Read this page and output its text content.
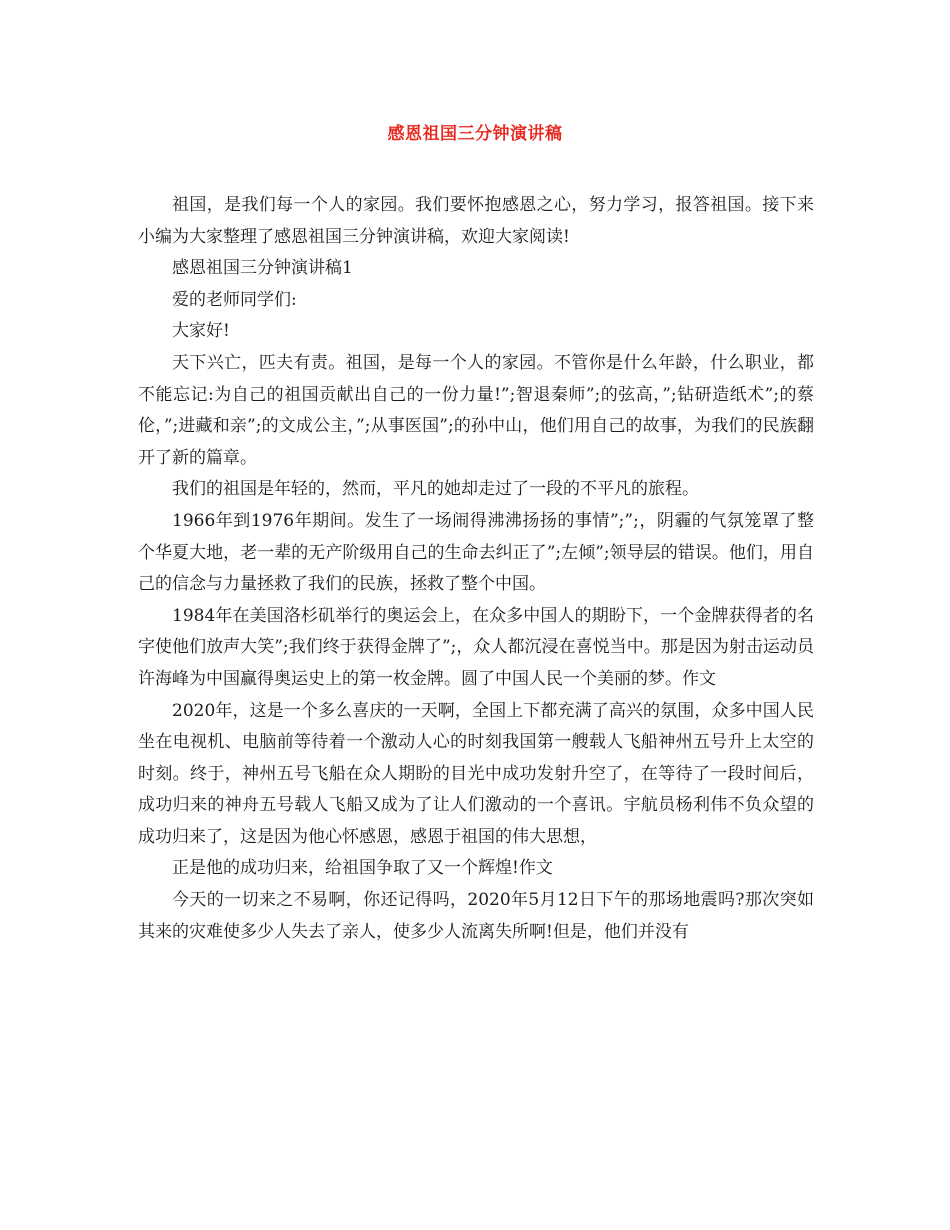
感恩祖国三分钟演讲稿

祖国，是我们每一个人的家园。我们要怀抱感恩之心，努力学习，报答祖国。接下来小编为大家整理了感恩祖国三分钟演讲稿，欢迎大家阅读!

感恩祖国三分钟演讲稿1

爱的老师同学们:

大家好!

天下兴亡，匹夫有责。祖国，是每一个人的家园。不管你是什么年龄，什么职业，都不能忘记:为自己的祖国贡献出自己的一份力量!”;智退秦师”;的弦高，”;钻研造纸术”;的蔡伦，”;进藏和亲”;的文成公主，”;从事医国”;的孙中山，他们用自己的故事，为我们的民族翻开了新的篇章。

我们的祖国是年轻的，然而，平凡的她却走过了一段的不平凡的旅程。

1966年到1976年期间。发生了一场闹得沸沸扬扬的事情”;”;，阴霾的气氛笼罩了整个华夏大地，老一辈的无产阶级用自己的生命去纠正了”;左倾”;领导层的错误。他们，用自己的信念与力量拯救了我们的民族，拯救了整个中国。

1984年在美国洛杉矶举行的奥运会上，在众多中国人的期盼下，一个金牌获得者的名字使他们放声大笑”;我们终于获得金牌了”;，众人都沉浸在喜悦当中。那是因为射击运动员许海峰为中国赢得奥运史上的第一枚金牌。圆了中国人民一个美丽的梦。作文

2020年，这是一个多么喜庆的一天啊，全国上下都充满了高兴的氛围，众多中国人民坐在电视机、电脑前等待着一个激动人心的时刻我国第一艘载人飞船神州五号升上太空的时刻。终于，神州五号飞船在众人期盼的目光中成功发射升空了，在等待了一段时间后，成功归来的神舟五号载人飞船又成为了让人们激动的一个喜讯。宇航员杨利伟不负众望的成功归来了，这是因为他心怀感恩，感恩于祖国的伟大思想，

正是他的成功归来，给祖国争取了又一个辉煌!作文

今天的一切来之不易啊，你还记得吗，2020年5月12日下午的那场地震吗?那次突如其来的灾难使多少人失去了亲人，使多少人流离失所啊!但是，他们并没有
